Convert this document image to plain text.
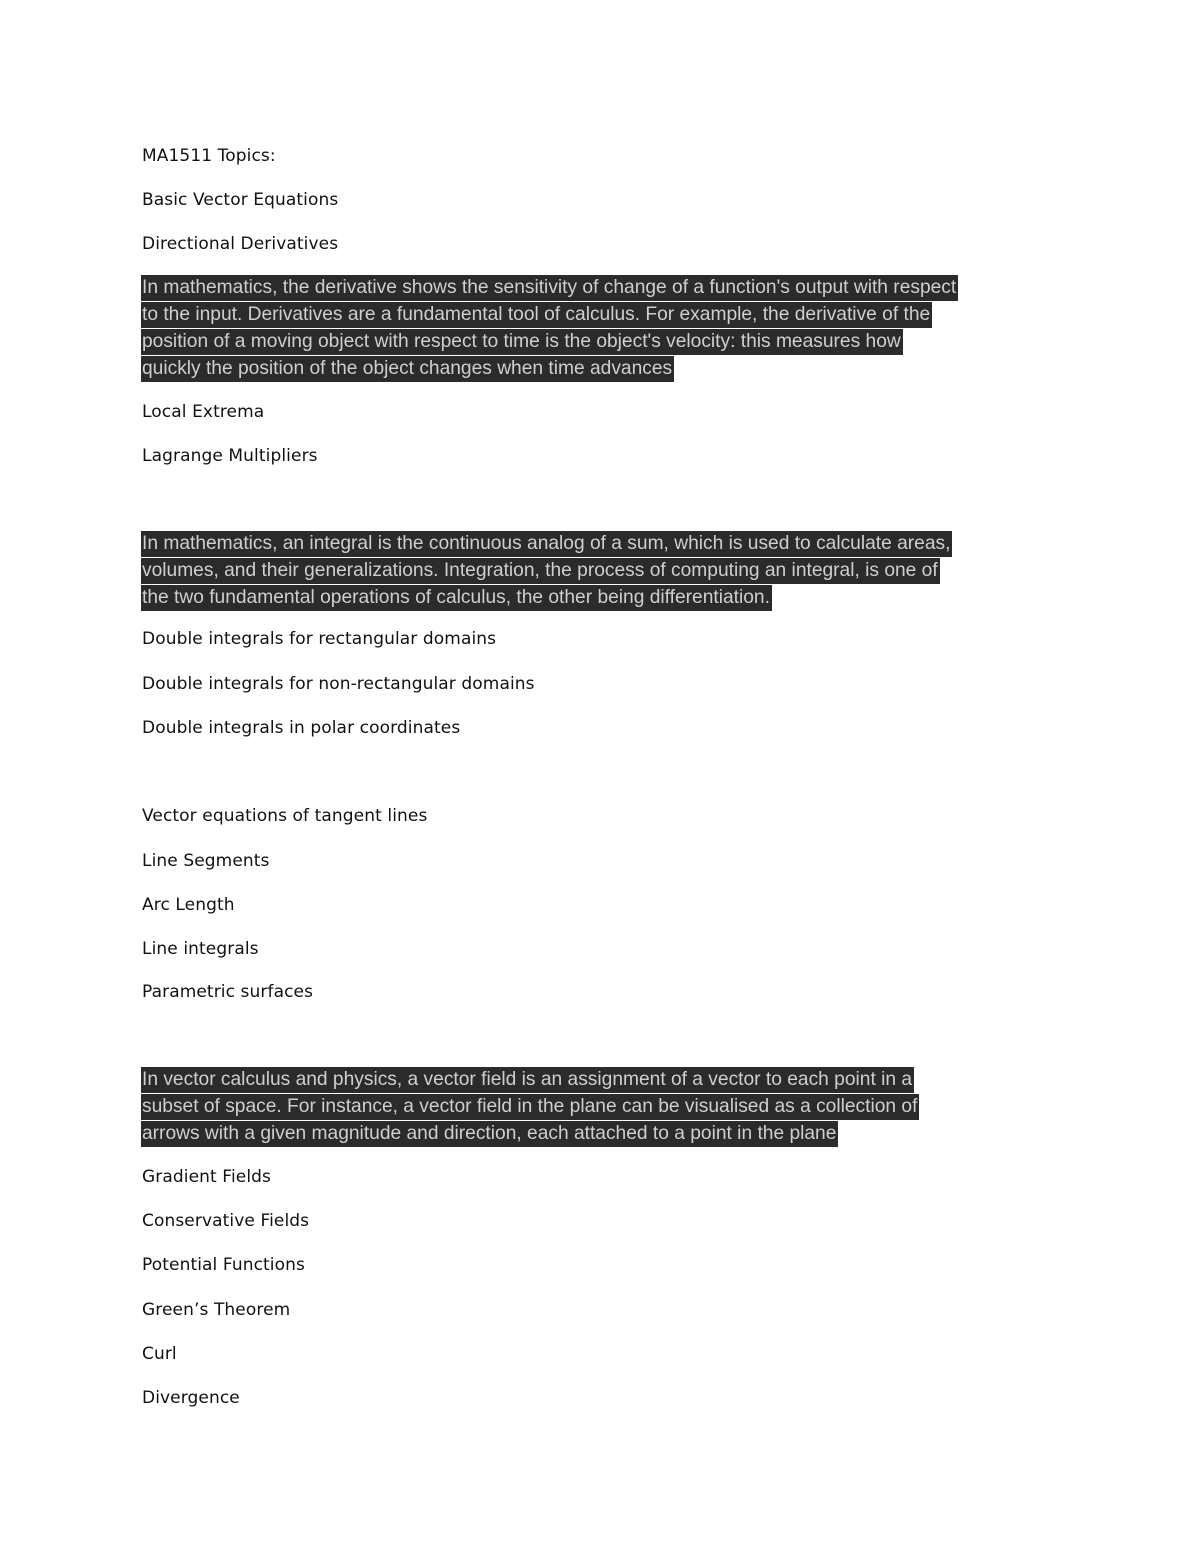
MA1511 Topics:
Basic Vector Equations
Directional Derivatives
In mathematics, the derivative shows the sensitivity of change of a function's output with respect
to the input. Derivatives are a fundamental tool of calculus. For example, the derivative of the
position of a moving object with respect to time is the object's velocity: this measures how
quickly the position of the object changes when time advances
Local Extrema
Lagrange Multipliers
In mathematics, an integral is the continuous analog of a sum, which is used to calculate areas,
volumes, and their generalizations. Integration, the process of computing an integral, is one of
the two fundamental operations of calculus, the other being differentiation.
Double integrals for rectangular domains
Double integrals for non-rectangular domains
Double integrals in polar coordinates
Vector equations of tangent lines
Line Segments
Arc Length
Line integrals
Parametric surfaces
In vector calculus and physics, a vector field is an assignment of a vector to each point in a
subset of space. For instance, a vector field in the plane can be visualised as a collection of
arrows with a given magnitude and direction, each attached to a point in the plane
Gradient Fields
Conservative Fields
Potential Functions
Green’s Theorem
Curl
Divergence
